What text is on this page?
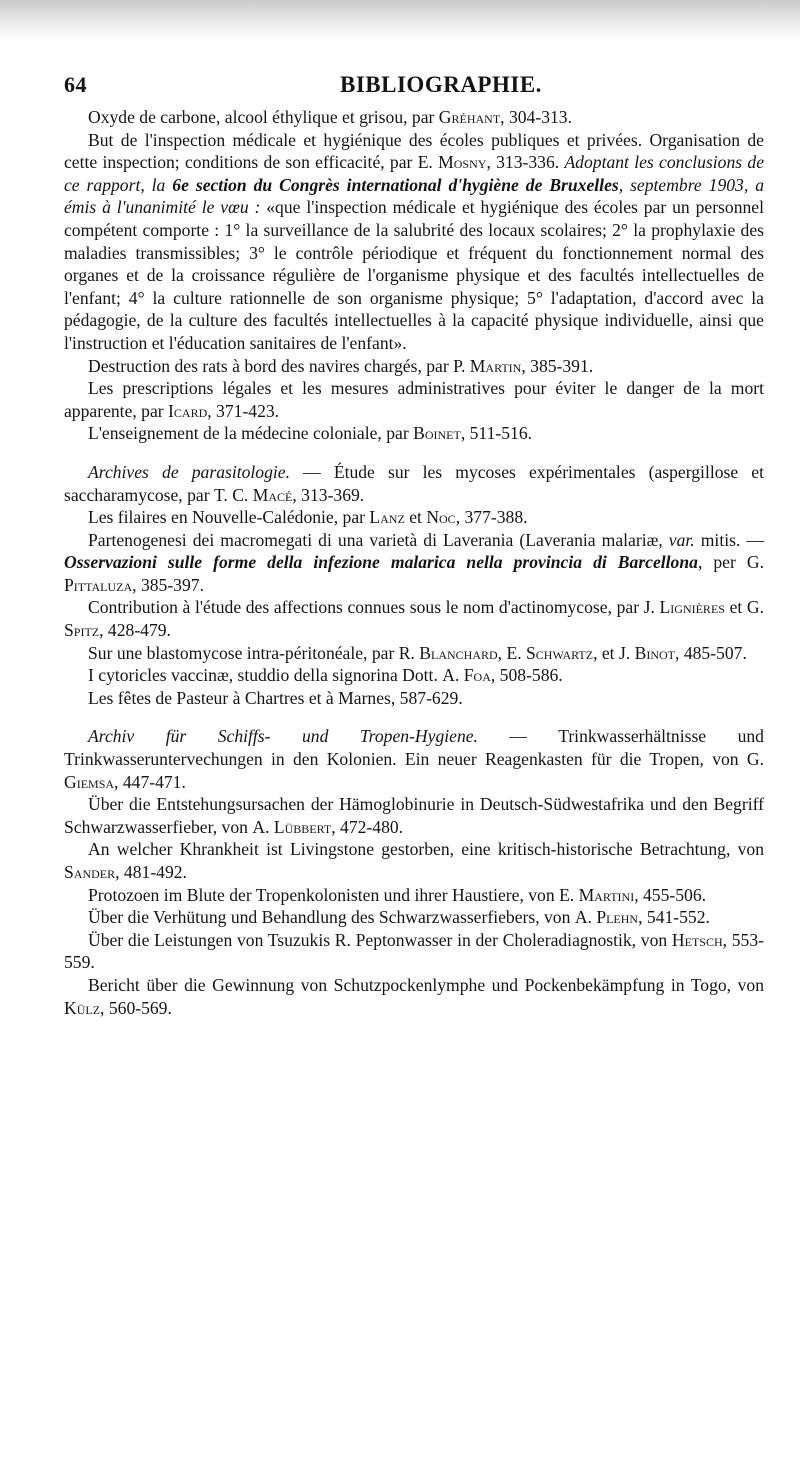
64	BIBLIOGRAPHIE.

Oxyde de carbone, alcool éthylique et grisou, par Gréhant, 304-313.

But de l'inspection médicale et hygiénique des écoles publiques et privées. Organisation de cette inspection; conditions de son efficacité, par E. Mosny, 313-336. Adoptant les conclusions de ce rapport, la 6e section du Congrès international d'hygiène de Bruxelles, septembre 1903, a émis à l'unanimité le vœu : «que l'inspection médicale et hygiénique des écoles par un personnel compétent comporte : 1° la surveillance de la salubrité des locaux scolaires; 2° la prophylaxie des maladies transmissibles; 3° le contrôle périodique et fréquent du fonctionnement normal des organes et de la croissance régulière de l'organisme physique et des facultés intellectuelles de l'enfant; 4° la culture rationnelle de son organisme physique; 5° l'adaptation, d'accord avec la pédagogie, de la culture des facultés intellectuelles à la capacité physique individuelle, ainsi que l'instruction et l'éducation sanitaires de l'enfant».

Destruction des rats à bord des navires chargés, par P. Martin, 385-391.

Les prescriptions légales et les mesures administratives pour éviter le danger de la mort apparente, par Icard, 371-423.

L'enseignement de la médecine coloniale, par Boinet, 511-516.

Archives de parasitologie. — Étude sur les mycoses expérimentales (aspergillose et saccharamycose, par T. C. Macé, 313-369.

Les filaires en Nouvelle-Calédonie, par Lanz et Noc, 377-388.

Partenogenesi dei macromegati di una varietà di Laverania (Laverania malariæ, var. mitis. — Osservazioni sulle forme della infezione malarica nella provincia di Barcellona, per G. Pittaluza, 385-397.

Contribution à l'étude des affections connues sous le nom d'actinomycose, par J. Lignières et G. Spitz, 428-479.

Sur une blastomycose intra-péritonéale, par R. Blanchard, E. Schwartz, et J. Binot, 485-507.

I cytoricles vaccinæ, studdio della signorina Dott. A. Foa, 508-586.

Les fêtes de Pasteur à Chartres et à Marnes, 587-629.

Archiv für Schiffs- und Tropen-Hygiene. — Trinkwasserhältnisse und Trinkwasseruntervechungen in den Kolonien. Ein neuer Reagenkasten für die Tropen, von G. Giemsa, 447-471.

Über die Entstehungsursachen der Hämoglobinurie in Deutsch-Südwestafrika und den Begriff Schwarzwasserfieber, von A. Lübbert, 472-480.

An welcher Khrankheit ist Livingstone gestorben, eine kritisch-historische Betrachtung, von Sander, 481-492.

Protozoen im Blute der Tropenkolonisten und ihrer Haustiere, von E. Martini, 455-506.

Über die Verhütung und Behandlung des Schwarzwasserfiebers, von A. Plehn, 541-552.

Über die Leistungen von Tsuzukis R. Peptonwasser in der Choleradiagnostik, von Hetsch, 553-559.

Bericht über die Gewinnung von Schutzpockenlymphe und Pockenbekämpfung in Togo, von Külz, 560-569.
